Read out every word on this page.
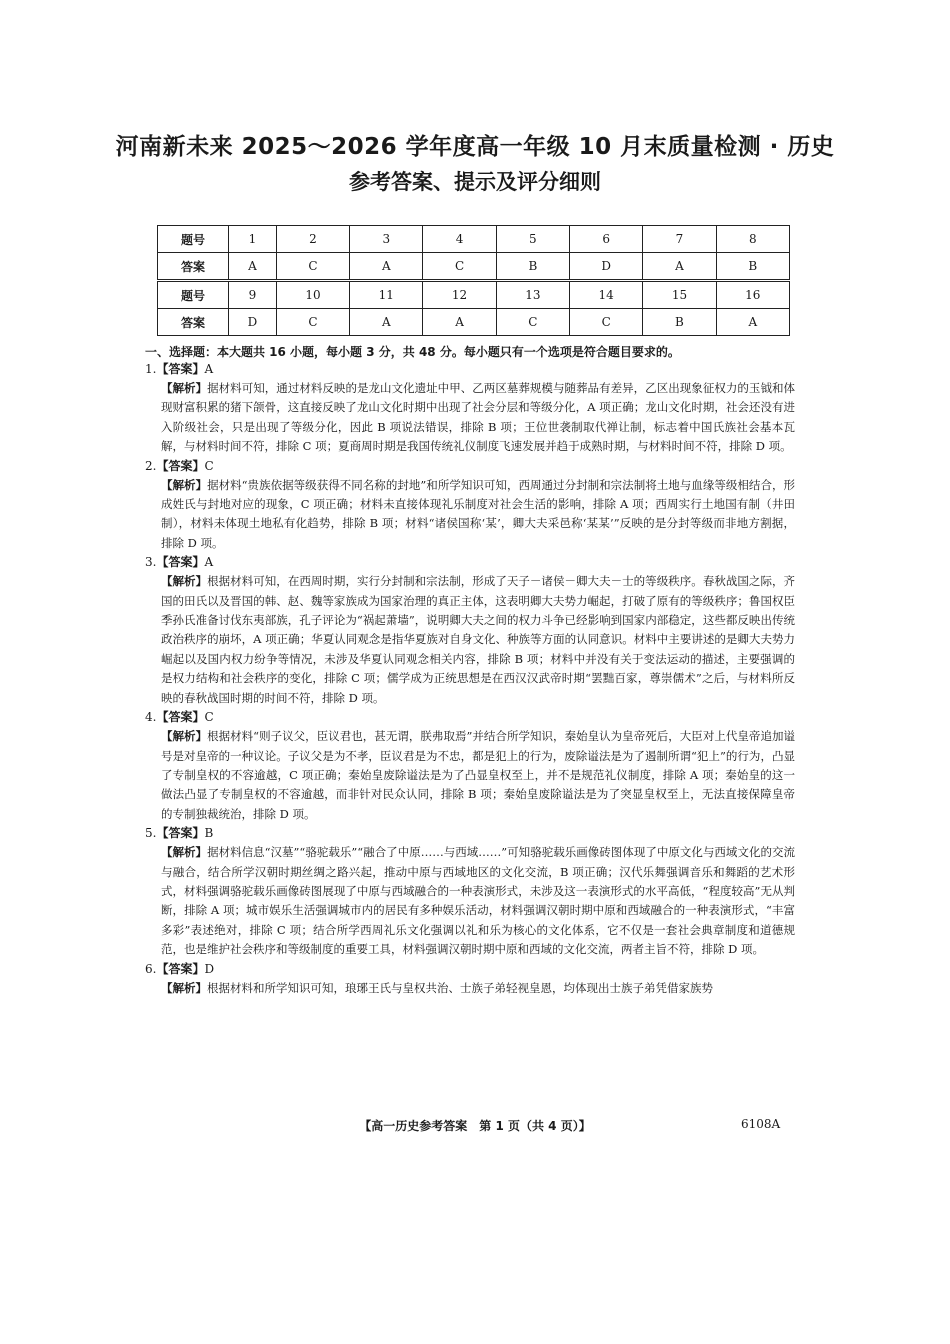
河南新未来 2025～2026 学年度高一年级 10 月末质量检测 · 历史
参考答案、提示及评分细则
题号	1	2	3	4	5	6	7	8
答案	A	C	A	C	B	D	A	B
题号	9	10	11	12	13	14	15	16
答案	D	C	A	A	C	C	B	A
一、选择题：本大题共 16 小题，每小题 3 分，共 48 分。每小题只有一个选项是符合题目要求的。
1.【答案】A
【解析】据材料可知，通过材料反映的是龙山文化遗址中甲、乙两区墓葬规模与随葬品有差异，乙区出现象征权力的玉钺和体现财富积累的猪下颌骨，这直接反映了龙山文化时期中出现了社会分层和等级分化，A 项正确；龙山文化时期，社会还没有进入阶级社会，只是出现了等级分化，因此 B 项说法错误，排除 B 项；王位世袭制取代禅让制，标志着中国氏族社会基本瓦解，与材料时间不符，排除 C 项；夏商周时期是我国传统礼仪制度飞速发展并趋于成熟时期，与材料时间不符，排除 D 项。
2.【答案】C
【解析】据材料“贵族依据等级获得不同名称的封地”和所学知识可知，西周通过分封制和宗法制将土地与血缘等级相结合，形成姓氏与封地对应的现象，C 项正确；材料未直接体现礼乐制度对社会生活的影响，排除 A 项；西周实行土地国有制（井田制），材料未体现土地私有化趋势，排除 B 项；材料“诸侯国称‘某’，卿大夫采邑称‘某某’”反映的是分封等级而非地方割据，排除 D 项。
3.【答案】A
【解析】根据材料可知，在西周时期，实行分封制和宗法制，形成了天子－诸侯－卿大夫－士的等级秩序。春秋战国之际，齐国的田氏以及晋国的韩、赵、魏等家族成为国家治理的真正主体，这表明卿大夫势力崛起，打破了原有的等级秩序；鲁国权臣季孙氏准备讨伐东夷部族，孔子评论为“祸起萧墙”，说明卿大夫之间的权力斗争已经影响到国家内部稳定，这些都反映出传统政治秩序的崩坏，A 项正确；华夏认同观念是指华夏族对自身文化、种族等方面的认同意识。材料中主要讲述的是卿大夫势力崛起以及国内权力纷争等情况，未涉及华夏认同观念相关内容，排除 B 项；材料中并没有关于变法运动的描述，主要强调的是权力结构和社会秩序的变化，排除 C 项；儒学成为正统思想是在西汉汉武帝时期“罢黜百家，尊崇儒术”之后，与材料所反映的春秋战国时期的时间不符，排除 D 项。
4.【答案】C
【解析】根据材料“则子议父，臣议君也，甚无谓，朕弗取焉”并结合所学知识，秦始皇认为皇帝死后，大臣对上代皇帝追加谥号是对皇帝的一种议论。子议父是为不孝，臣议君是为不忠，都是犯上的行为，废除谥法是为了遏制所谓“犯上”的行为，凸显了专制皇权的不容逾越，C 项正确；秦始皇废除谥法是为了凸显皇权至上，并不是规范礼仪制度，排除 A 项；秦始皇的这一做法凸显了专制皇权的不容逾越，而非针对民众认同，排除 B 项；秦始皇废除谥法是为了突显皇权至上，无法直接保障皇帝的专制独裁统治，排除 D 项。
5.【答案】B
【解析】据材料信息“汉墓”“骆驼载乐”“融合了中原……与西域……”可知骆驼载乐画像砖图体现了中原文化与西域文化的交流与融合，结合所学汉朝时期丝绸之路兴起，推动中原与西域地区的文化交流，B 项正确；汉代乐舞强调音乐和舞蹈的艺术形式，材料强调骆驼载乐画像砖图展现了中原与西域融合的一种表演形式，未涉及这一表演形式的水平高低，“程度较高”无从判断，排除 A 项；城市娱乐生活强调城市内的居民有多种娱乐活动，材料强调汉朝时期中原和西域融合的一种表演形式，“丰富多彩”表述绝对，排除 C 项；结合所学西周礼乐文化强调以礼和乐为核心的文化体系，它不仅是一套社会典章制度和道德规范，也是维护社会秩序和等级制度的重要工具，材料强调汉朝时期中原和西域的文化交流，两者主旨不符，排除 D 项。
6.【答案】D
【解析】根据材料和所学知识可知，琅琊王氏与皇权共治、士族子弟轻视皇恩，均体现出士族子弟凭借家族势
【高一历史参考答案　第 1 页（共 4 页）】	6108A
